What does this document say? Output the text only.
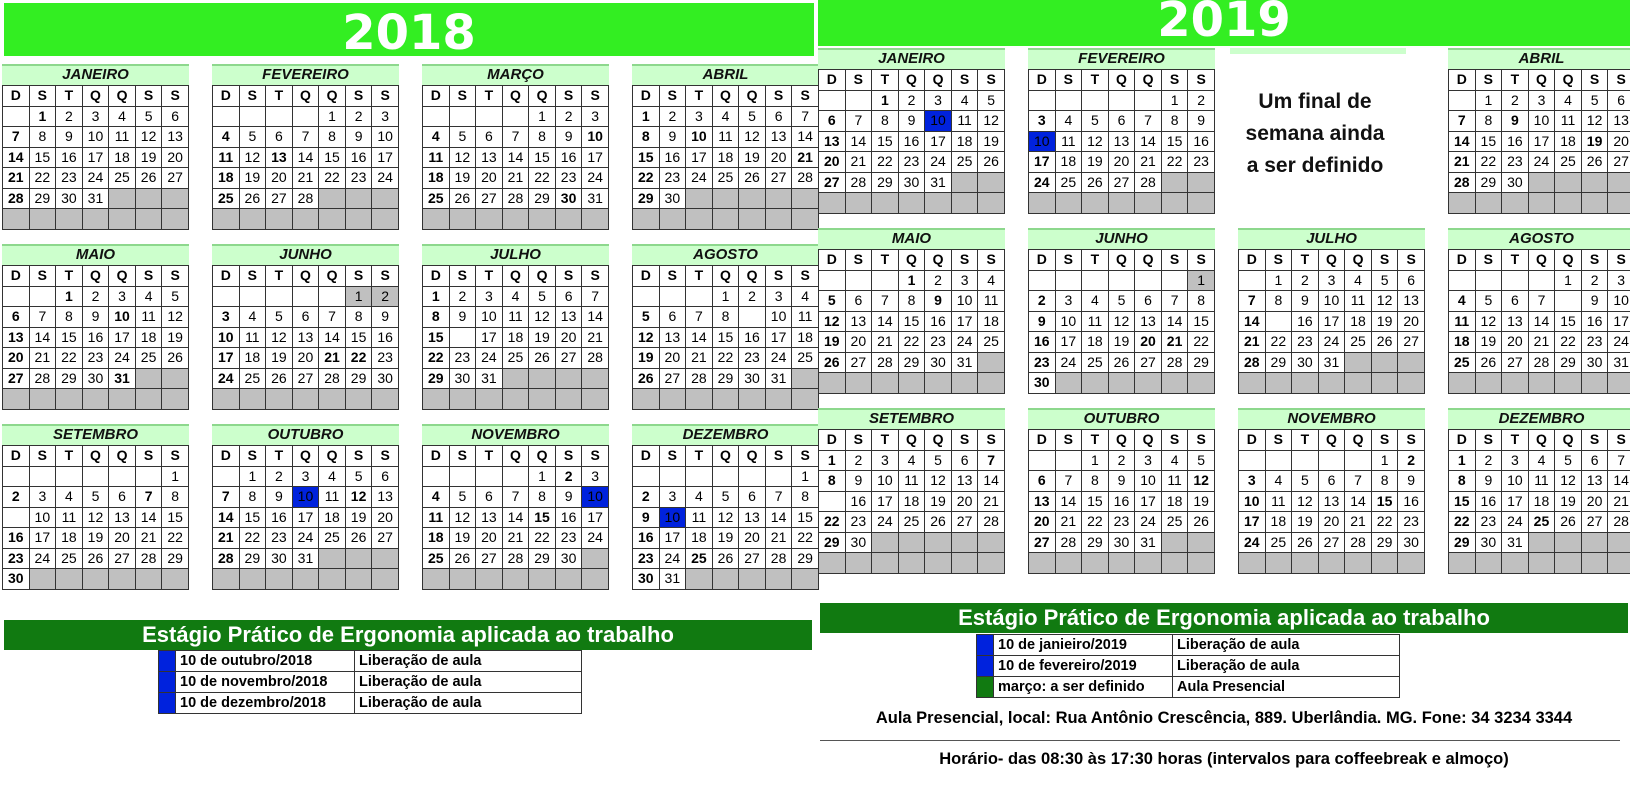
2018
JANEIRO
D	S	T	Q	Q	S	S
	1	2	3	4	5	6
7	8	9	10	11	12	13
14	15	16	17	18	19	20
21	22	23	24	25	26	27
28	29	30	31			

FEVEREIRO
D	S	T	Q	Q	S	S
				1	2	3
4	5	6	7	8	9	10
11	12	13	14	15	16	17
18	19	20	21	22	23	24
25	26	27	28			

MARÇO
D	S	T	Q	Q	S	S
				1	2	3
4	5	6	7	8	9	10
11	12	13	14	15	16	17
18	19	20	21	22	23	24
25	26	27	28	29	30	31

ABRIL
D	S	T	Q	Q	S	S
1	2	3	4	5	6	7
8	9	10	11	12	13	14
15	16	17	18	19	20	21
22	23	24	25	26	27	28
29	30					

MAIO
D	S	T	Q	Q	S	S
		1	2	3	4	5
6	7	8	9	10	11	12
13	14	15	16	17	18	19
20	21	22	23	24	25	26
27	28	29	30	31		

JUNHO
D	S	T	Q	Q	S	S
					1	2
3	4	5	6	7	8	9
10	11	12	13	14	15	16
17	18	19	20	21	22	23
24	25	26	27	28	29	30

JULHO
D	S	T	Q	Q	S	S
1	2	3	4	5	6	7
8	9	10	11	12	13	14
15		17	18	19	20	21
22	23	24	25	26	27	28
29	30	31				

AGOSTO
D	S	T	Q	Q	S	S
			1	2	3	4
5	6	7	8		10	11
12	13	14	15	16	17	18
19	20	21	22	23	24	25
26	27	28	29	30	31	

SETEMBRO
D	S	T	Q	Q	S	S
						1
2	3	4	5	6	7	8
	10	11	12	13	14	15
16	17	18	19	20	21	22
23	24	25	26	27	28	29
30						
OUTUBRO
D	S	T	Q	Q	S	S
	1	2	3	4	5	6
7	8	9	10	11	12	13
14	15	16	17	18	19	20
21	22	23	24	25	26	27
28	29	30	31			

NOVEMBRO
D	S	T	Q	Q	S	S
				1	2	3
4	5	6	7	8	9	10
11	12	13	14	15	16	17
18	19	20	21	22	23	24
25	26	27	28	29	30	

DEZEMBRO
D	S	T	Q	Q	S	S
						1
2	3	4	5	6	7	8
9	10	11	12	13	14	15
16	17	18	19	20	21	22
23	24	25	26	27	28	29
30	31					
Estágio Prático de Ergonomia aplicada ao trabalho
	10 de outubro/2018	Liberação de aula
	10 de novembro/2018	Liberação de aula
	10 de dezembro/2018	Liberação de aula
2019
JANEIRO
D	S	T	Q	Q	S	S
		1	2	3	4	5
6	7	8	9	10	11	12
13	14	15	16	17	18	19
20	21	22	23	24	25	26
27	28	29	30	31		

FEVEREIRO
D	S	T	Q	Q	S	S
					1	2
3	4	5	6	7	8	9
10	11	12	13	14	15	16
17	18	19	20	21	22	23
24	25	26	27	28		

ABRIL
D	S	T	Q	Q	S	S
	1	2	3	4	5	6
7	8	9	10	11	12	13
14	15	16	17	18	19	20
21	22	23	24	25	26	27
28	29	30				

MAIO
D	S	T	Q	Q	S	S
			1	2	3	4
5	6	7	8	9	10	11
12	13	14	15	16	17	18
19	20	21	22	23	24	25
26	27	28	29	30	31	

JUNHO
D	S	T	Q	Q	S	S
						1
2	3	4	5	6	7	8
9	10	11	12	13	14	15
16	17	18	19	20	21	22
23	24	25	26	27	28	29
30						
JULHO
D	S	T	Q	Q	S	S
	1	2	3	4	5	6
7	8	9	10	11	12	13
14		16	17	18	19	20
21	22	23	24	25	26	27
28	29	30	31			

AGOSTO
D	S	T	Q	Q	S	S
				1	2	3
4	5	6	7		9	10
11	12	13	14	15	16	17
18	19	20	21	22	23	24
25	26	27	28	29	30	31

SETEMBRO
D	S	T	Q	Q	S	S
1	2	3	4	5	6	7
8	9	10	11	12	13	14
	16	17	18	19	20	21
22	23	24	25	26	27	28
29	30					

OUTUBRO
D	S	T	Q	Q	S	S
		1	2	3	4	5
6	7	8	9	10	11	12
13	14	15	16	17	18	19
20	21	22	23	24	25	26
27	28	29	30	31		

NOVEMBRO
D	S	T	Q	Q	S	S
					1	2
3	4	5	6	7	8	9
10	11	12	13	14	15	16
17	18	19	20	21	22	23
24	25	26	27	28	29	30

DEZEMBRO
D	S	T	Q	Q	S	S
1	2	3	4	5	6	7
8	9	10	11	12	13	14
15	16	17	18	19	20	21
22	23	24	25	26	27	28
29	30	31				

Um final de
semana ainda
a ser definido
Estágio Prático de Ergonomia aplicada ao trabalho
	10 de janieiro/2019	Liberação de aula
	10 de fevereiro/2019	Liberação de aula
	março: a ser definido	Aula Presencial
Aula Presencial, local: Rua Antônio Crescência, 889. Uberlândia. MG. Fone: 34 3234 3344
Horário- das 08:30 às 17:30 horas (intervalos para coffeebreak e almoço)
